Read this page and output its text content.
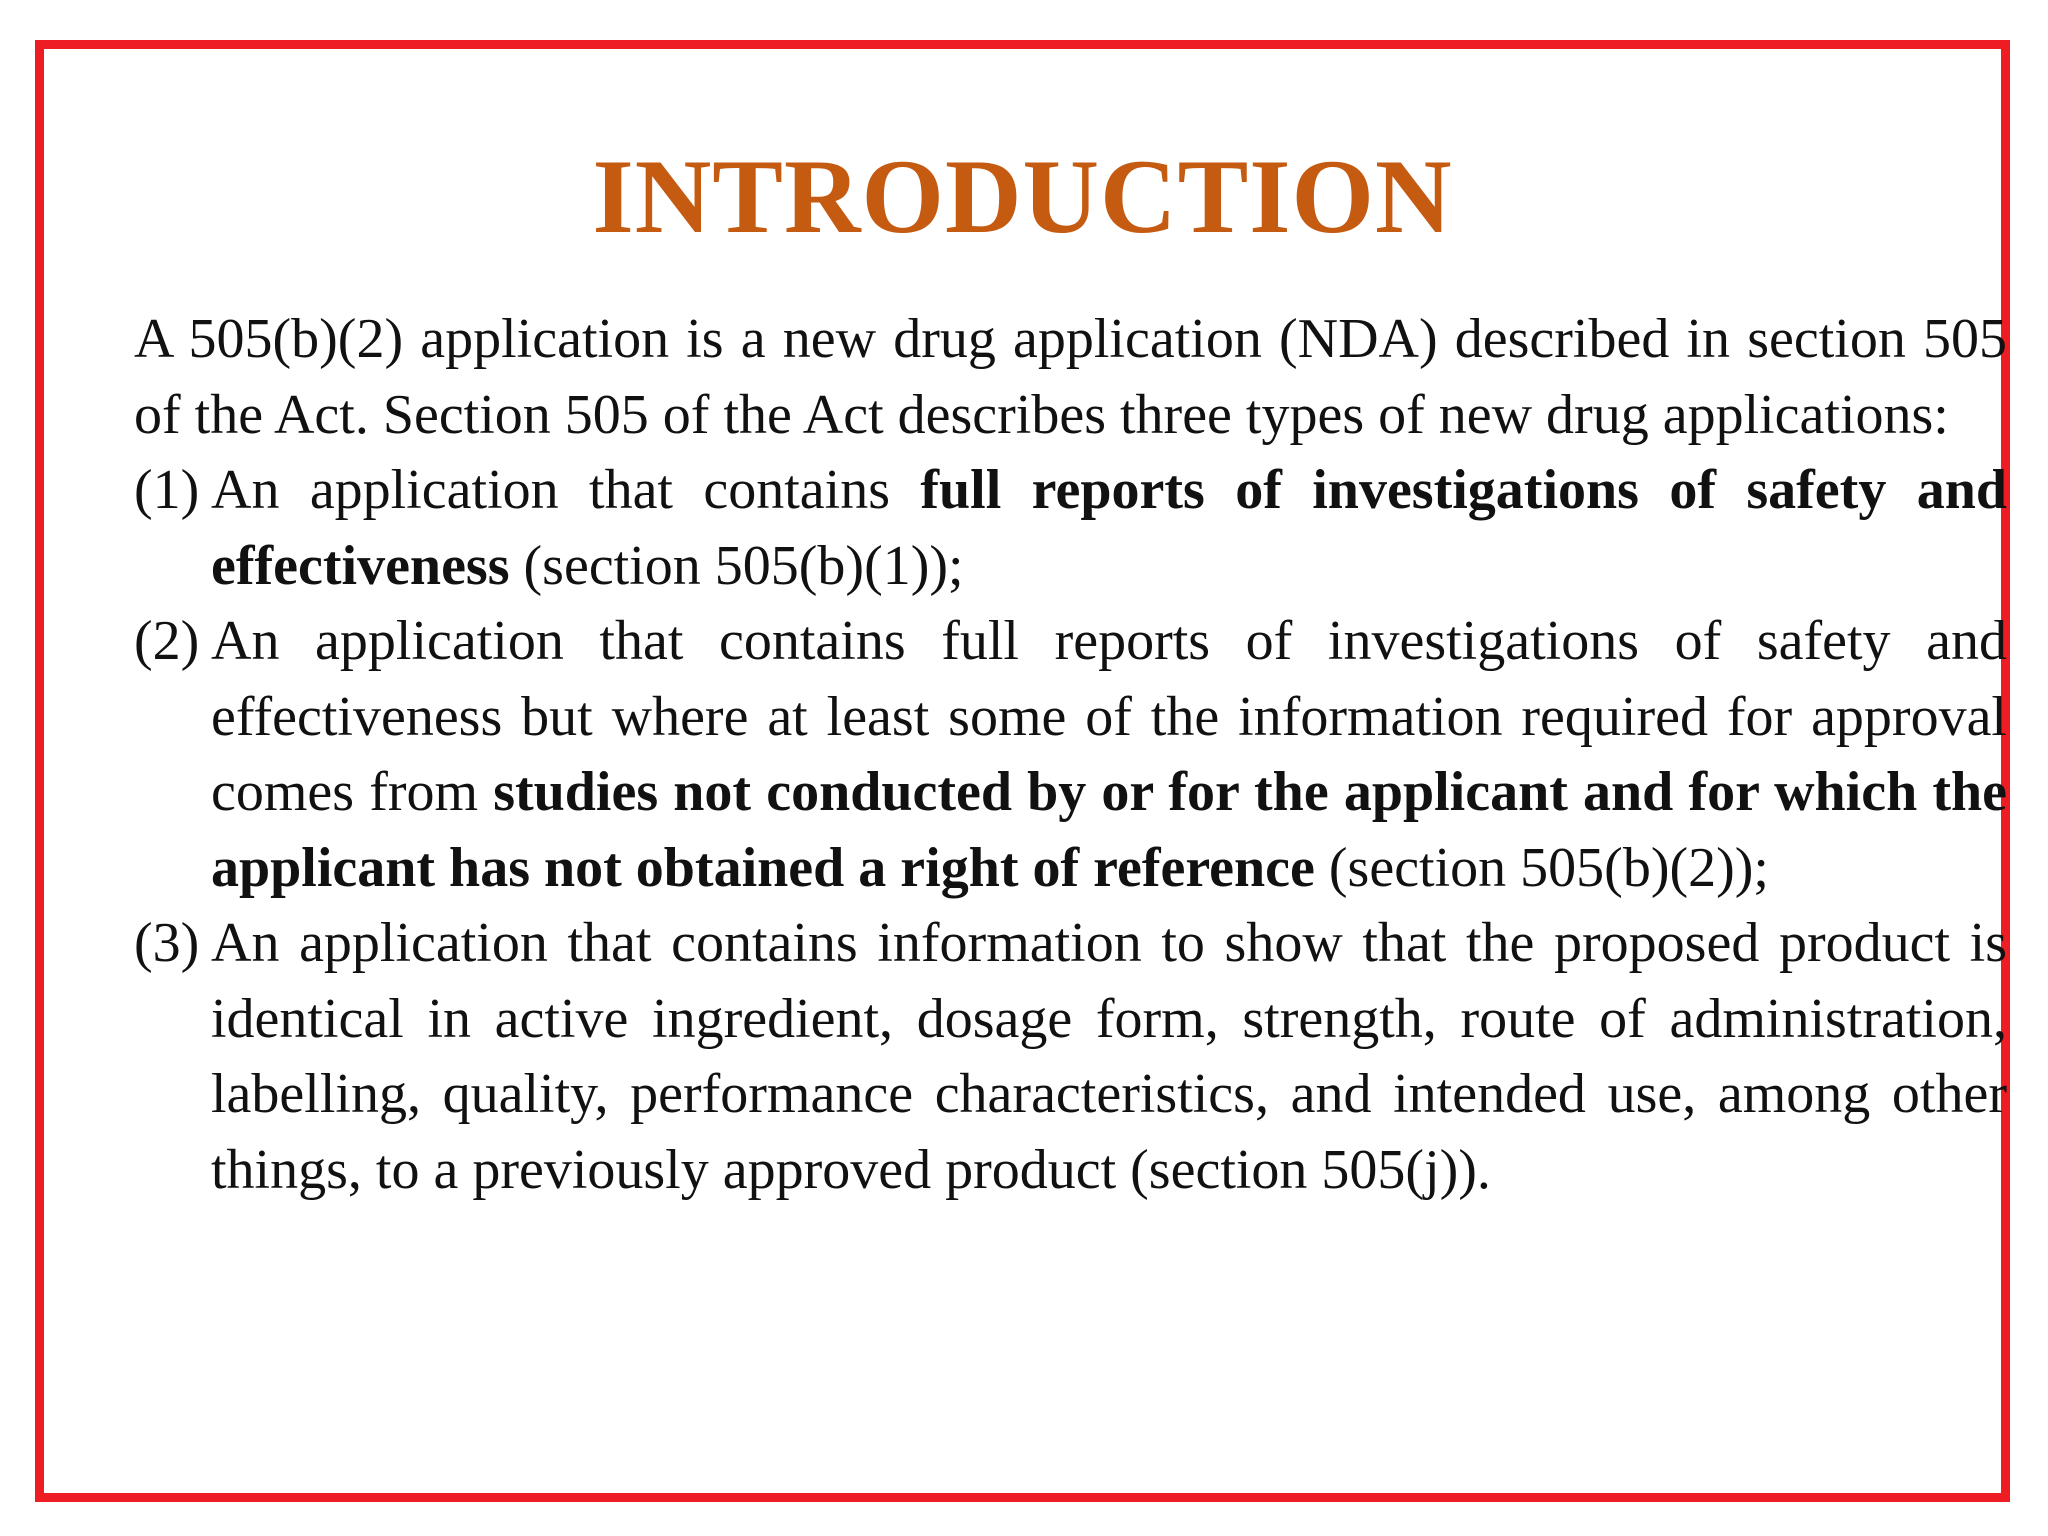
INTRODUCTION

A 505(b)(2) application is a new drug application (NDA) described in section 505 of the Act. Section 505 of the Act describes three types of new drug applications:

(1) An application that contains full reports of investigations of safety and effectiveness (section 505(b)(1));

(2) An application that contains full reports of investigations of safety and effectiveness but where at least some of the information required for approval comes from studies not conducted by or for the applicant and for which the applicant has not obtained a right of reference (section 505(b)(2));

(3) An application that contains information to show that the proposed product is identical in active ingredient, dosage form, strength, route of administration, labelling, quality, performance characteristics, and intended use, among other things, to a previously approved product (section 505(j)).
